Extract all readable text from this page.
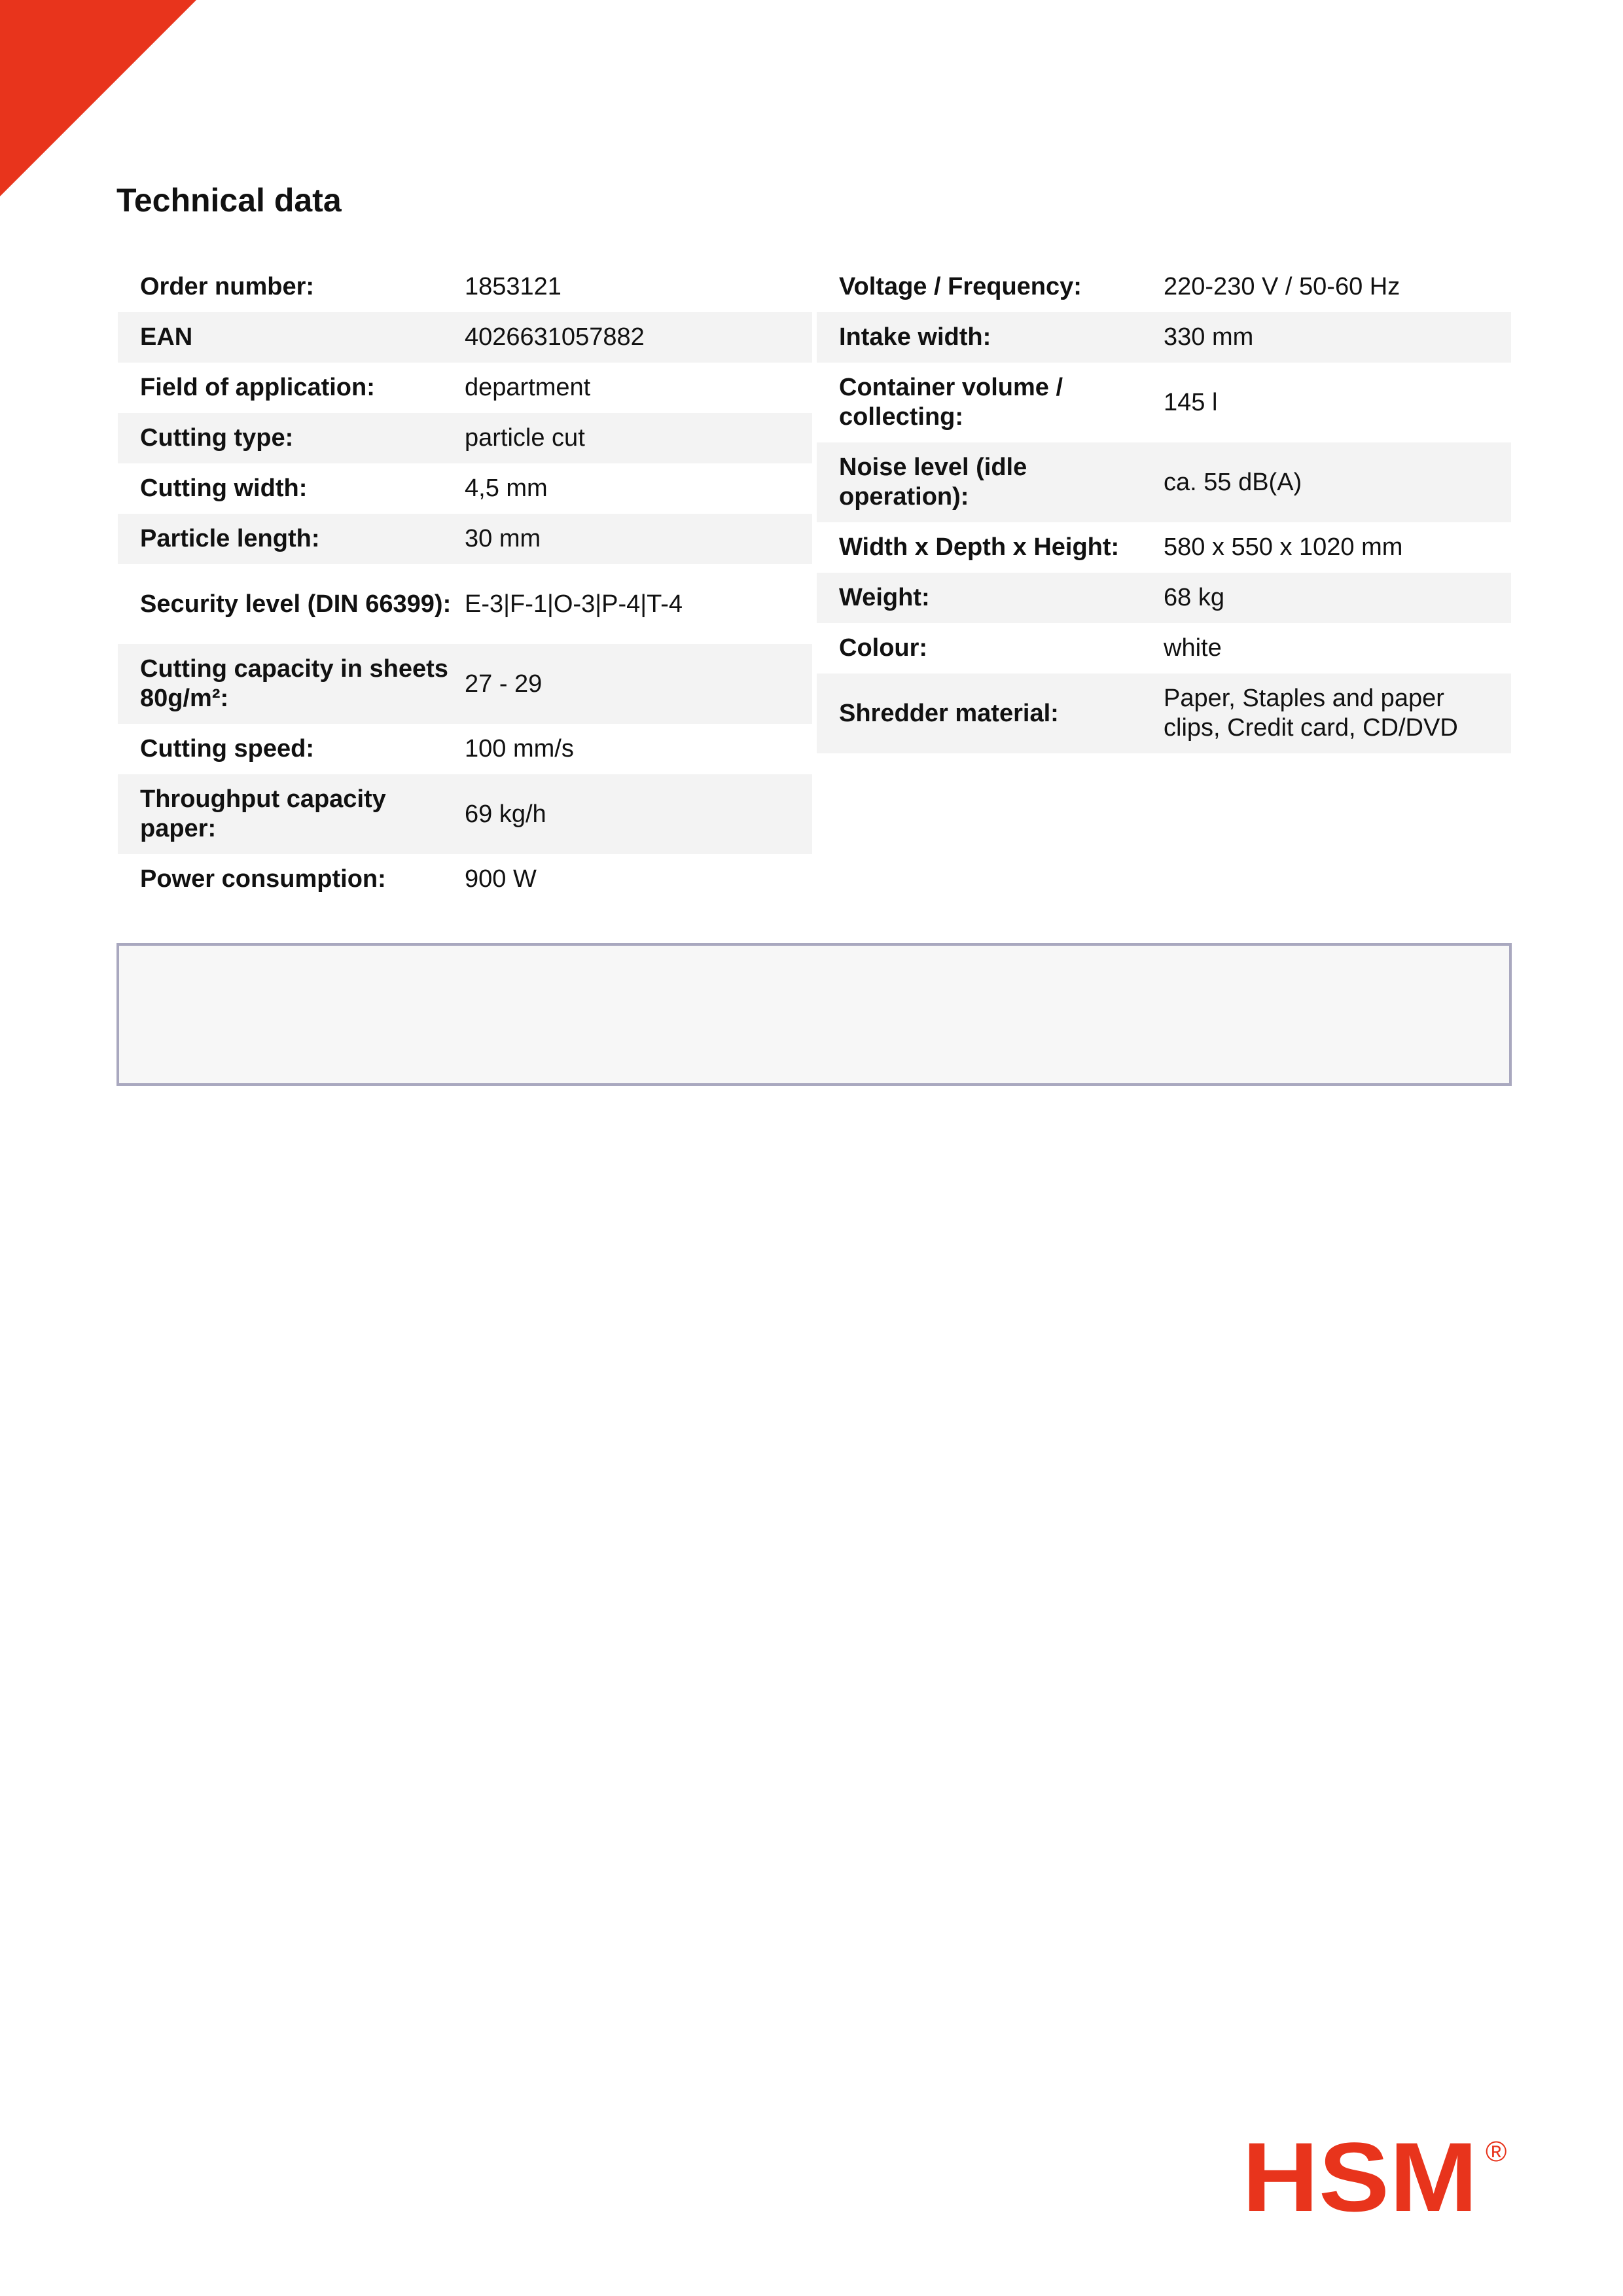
Technical data
Order number:	1853121
EAN	4026631057882
Field of application:	department
Cutting type:	particle cut
Cutting width:	4,5 mm
Particle length:	30 mm
Security level (DIN 66399): E-3|F-1|O-3|P-4|T-4
Cutting capacity in sheets 80g/m²:
27 - 29
Cutting speed:	100 mm/s
Throughput capacity paper:
69 kg/h
Power consumption:	900 W
Voltage / Frequency:	220-230 V / 50-60 Hz
Intake width:	330 mm
Container volume / collecting:
145 l
Noise level (idle operation):
ca. 55 dB(A)
Width x Depth x Height:	580 x 550 x 1020 mm
Weight:	68 kg
Colour:	white
Shredder material:
Paper, Staples and paper clips, Credit card, CD/DVD
HSM ®
